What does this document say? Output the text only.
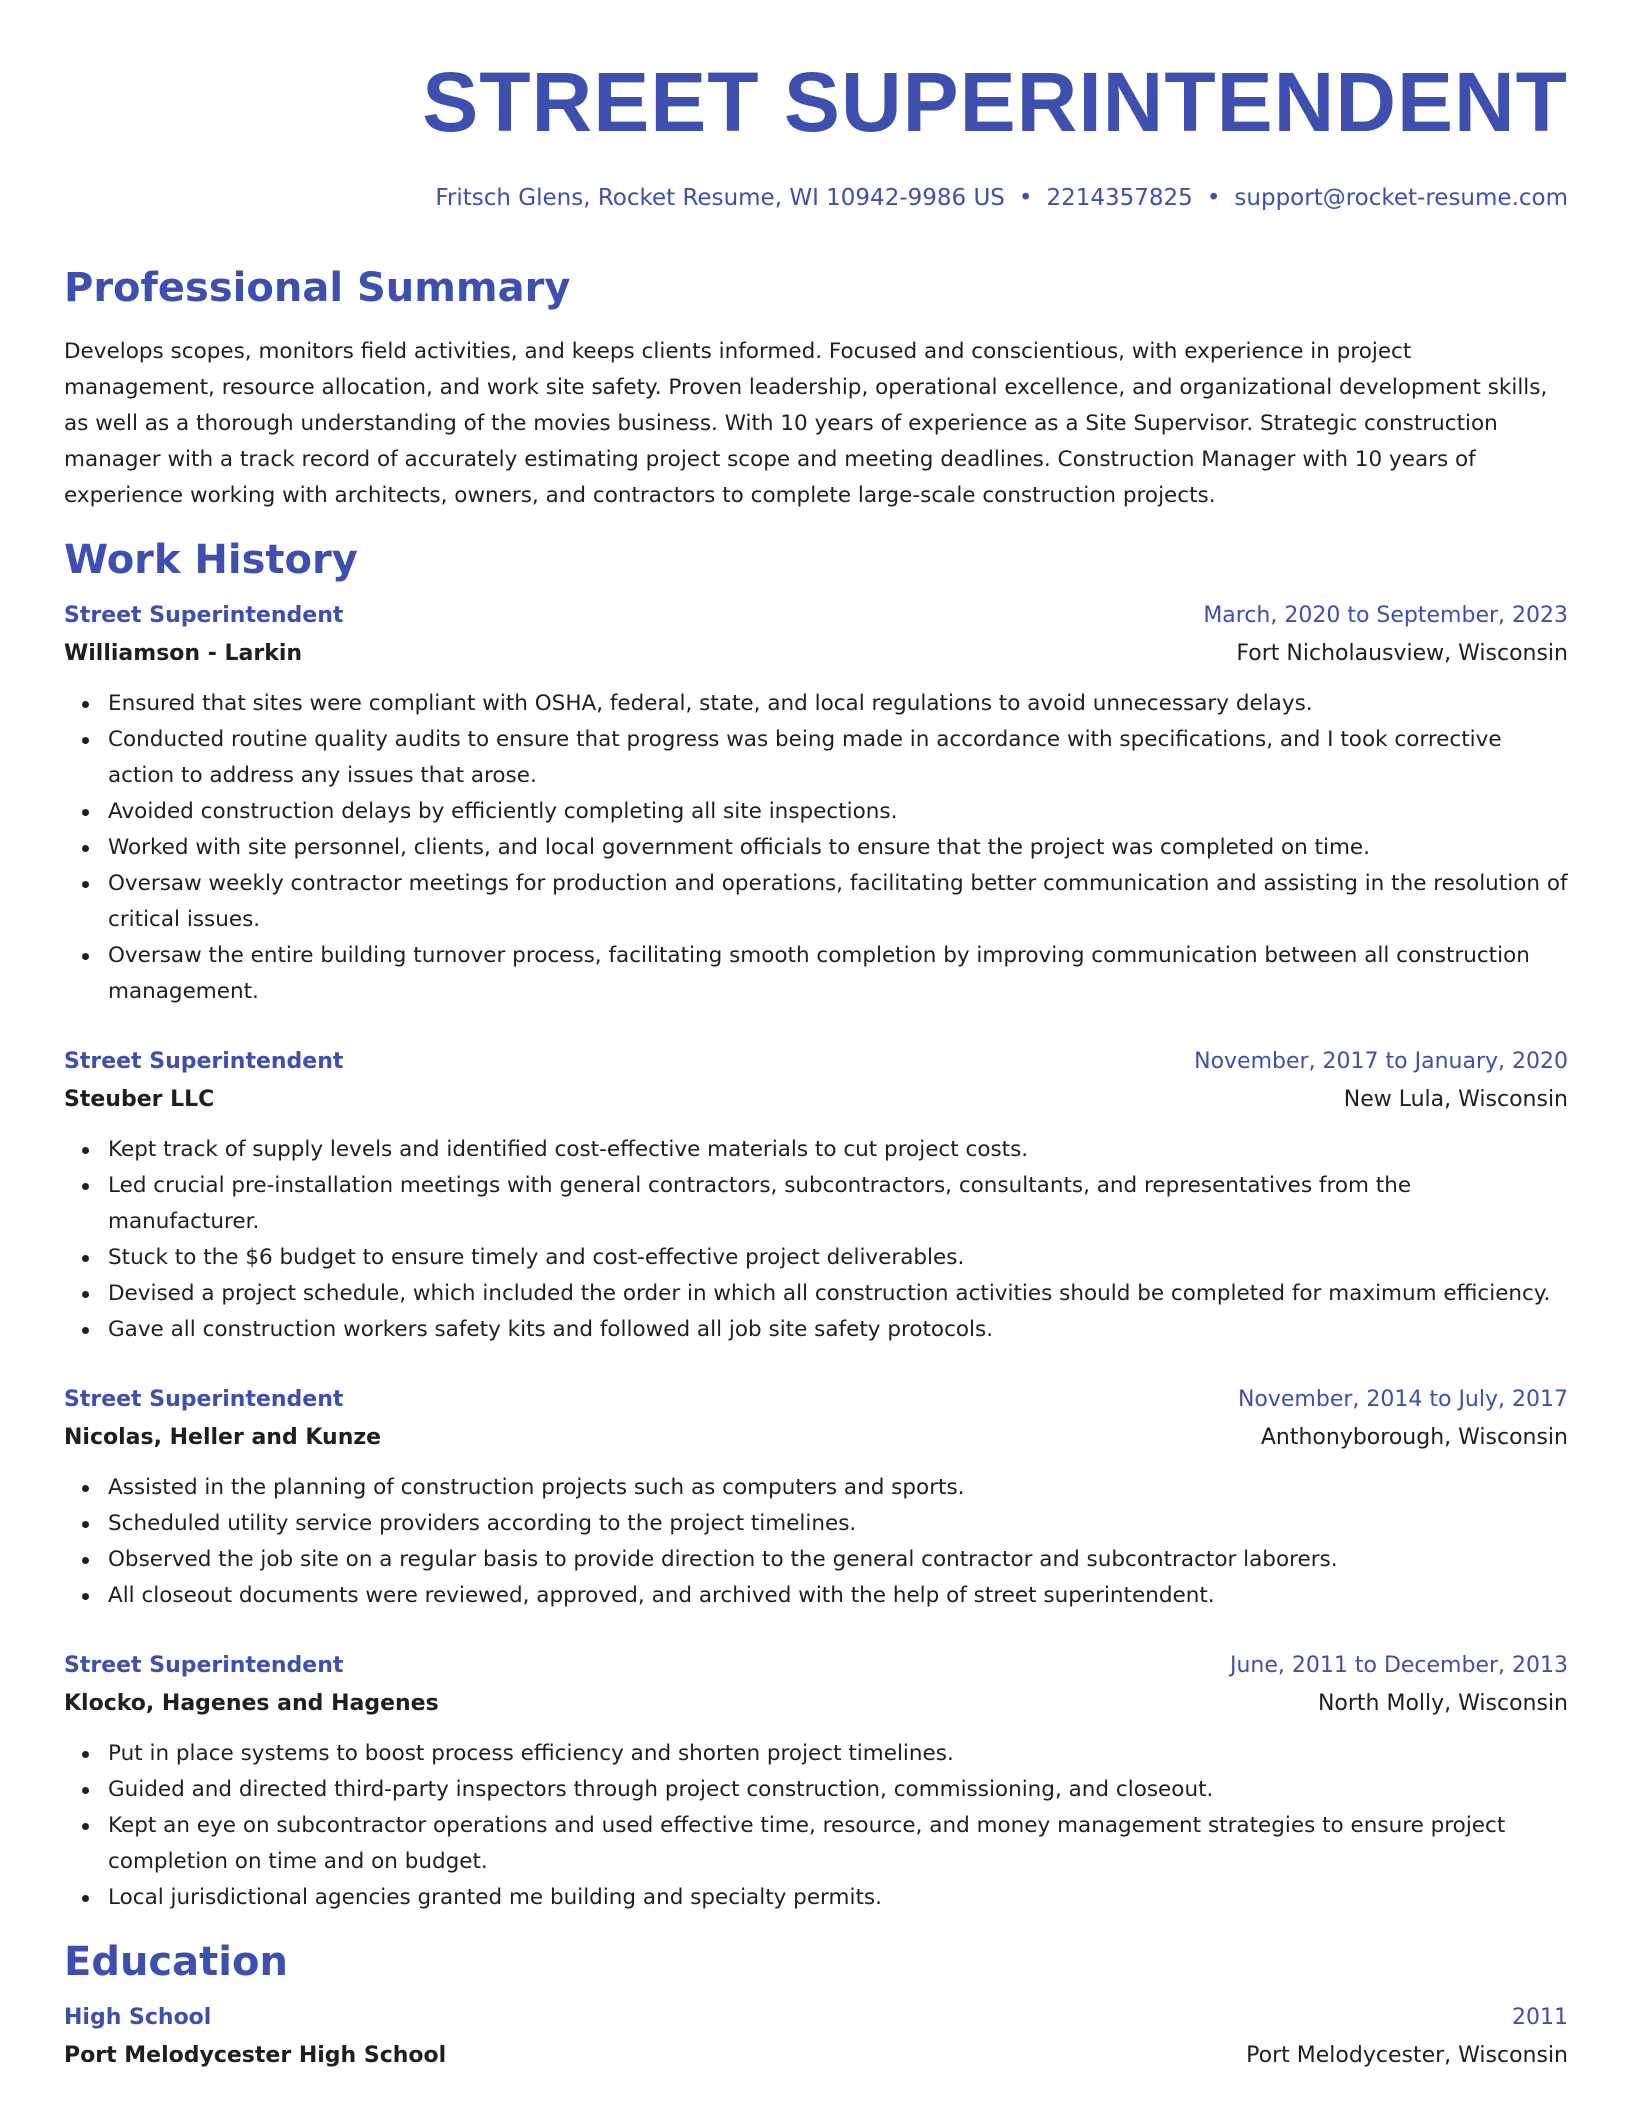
STREET SUPERINTENDENT
Fritsch Glens, Rocket Resume, WI 10942-9986 US • 2214357825 • support@rocket-resume.com
Professional Summary

Develops scopes, monitors field activities, and keeps clients informed. Focused and conscientious, with experience in project management, resource allocation, and work site safety. Proven leadership, operational excellence, and organizational development skills, as well as a thorough understanding of the movies business. With 10 years of experience as a Site Supervisor. Strategic construction manager with a track record of accurately estimating project scope and meeting deadlines. Construction Manager with 10 years of experience working with architects, owners, and contractors to complete large-scale construction projects.

Work History
Street Superintendent	March, 2020 to September, 2023
Williamson - Larkin	Fort Nicholausview, Wisconsin
Ensured that sites were compliant with OSHA, federal, state, and local regulations to avoid unnecessary delays.
Conducted routine quality audits to ensure that progress was being made in accordance with specifications, and I took corrective action to address any issues that arose.
Avoided construction delays by efficiently completing all site inspections.
Worked with site personnel, clients, and local government officials to ensure that the project was completed on time.
Oversaw weekly contractor meetings for production and operations, facilitating better communication and assisting in the resolution of critical issues.
Oversaw the entire building turnover process, facilitating smooth completion by improving communication between all construction management.
Street Superintendent	November, 2017 to January, 2020
Steuber LLC	New Lula, Wisconsin
Kept track of supply levels and identified cost-effective materials to cut project costs.
Led crucial pre-installation meetings with general contractors, subcontractors, consultants, and representatives from the manufacturer.
Stuck to the $6 budget to ensure timely and cost-effective project deliverables.
Devised a project schedule, which included the order in which all construction activities should be completed for maximum efficiency.
Gave all construction workers safety kits and followed all job site safety protocols.
Street Superintendent	November, 2014 to July, 2017
Nicolas, Heller and Kunze	Anthonyborough, Wisconsin
Assisted in the planning of construction projects such as computers and sports.
Scheduled utility service providers according to the project timelines.
Observed the job site on a regular basis to provide direction to the general contractor and subcontractor laborers.
All closeout documents were reviewed, approved, and archived with the help of street superintendent.
Street Superintendent	June, 2011 to December, 2013
Klocko, Hagenes and Hagenes	North Molly, Wisconsin
Put in place systems to boost process efficiency and shorten project timelines.
Guided and directed third-party inspectors through project construction, commissioning, and closeout.
Kept an eye on subcontractor operations and used effective time, resource, and money management strategies to ensure project completion on time and on budget.
Local jurisdictional agencies granted me building and specialty permits.
Education
High School	2011
Port Melodycester High School	Port Melodycester, Wisconsin
